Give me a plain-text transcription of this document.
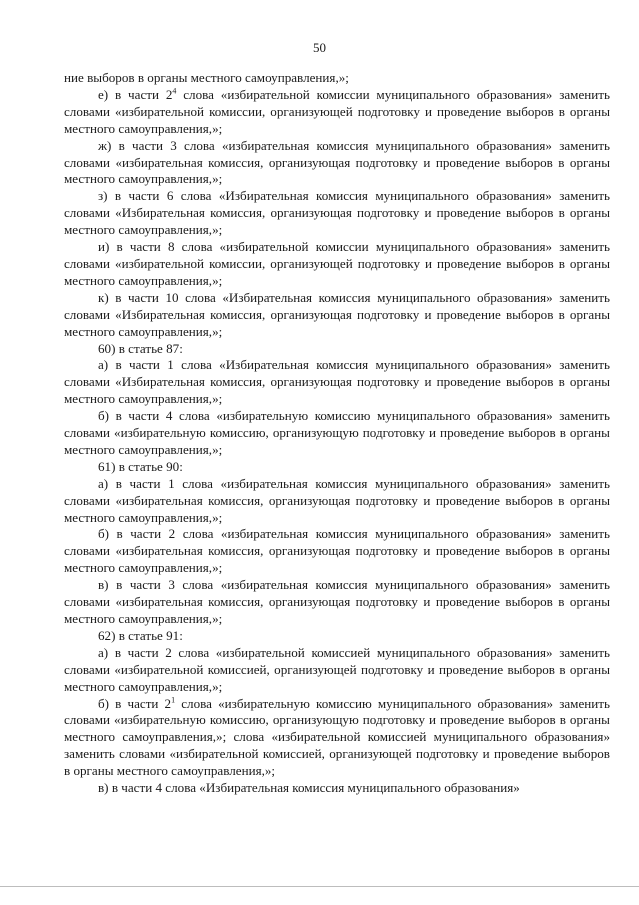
50

ние выборов в органы местного самоуправления,»;

е) в части $2^4$ слова «избирательной комиссии муниципального образования» заменить словами «избирательной комиссии, организующей подготовку и проведение выборов в органы местного самоуправления,»;

ж) в части 3 слова «избирательная комиссия муниципального образования» заменить словами «избирательная комиссия, организующая подготовку и проведение выборов в органы местного самоуправления,»;

з) в части 6 слова «Избирательная комиссия муниципального образования» заменить словами «Избирательная комиссия, организующая подготовку и проведение выборов в органы местного самоуправления,»;

и) в части 8 слова «избирательной комиссии муниципального образования» заменить словами «избирательной комиссии, организующей подготовку и проведение выборов в органы местного самоуправления,»;

к) в части 10 слова «Избирательная комиссия муниципального образования» заменить словами «Избирательная комиссия, организующая подготовку и проведение выборов в органы местного самоуправления,»;

60) в статье 87:

а) в части 1 слова «Избирательная комиссия муниципального образования» заменить словами «Избирательная комиссия, организующая подготовку и проведение выборов в органы местного самоуправления,»;

б) в части 4 слова «избирательную комиссию муниципального образования» заменить словами «избирательную комиссию, организующую подготовку и проведение выборов в органы местного самоуправления,»;

61) в статье 90:

а) в части 1 слова «избирательная комиссия муниципального образования» заменить словами «избирательная комиссия, организующая подготовку и проведение выборов в органы местного самоуправления,»;

б) в части 2 слова «избирательная комиссия муниципального образования» заменить словами «избирательная комиссия, организующая подготовку и проведение выборов в органы местного самоуправления,»;

в) в части 3 слова «избирательная комиссия муниципального образования» заменить словами «избирательная комиссия, организующая подготовку и проведение выборов в органы местного самоуправления,»;

62) в статье 91:

а) в части 2 слова «избирательной комиссией муниципального образования» заменить словами «избирательной комиссией, организующей подготовку и проведение выборов в органы местного самоуправления,»;

б) в части $2^1$ слова «избирательную комиссию муниципального образования» заменить словами «избирательную комиссию, организующую подготовку и проведение выборов в органы местного самоуправления,»; слова «избирательной комиссией муниципального образования» заменить словами «избирательной комиссией, организующей подготовку и проведение выборов в органы местного самоуправления,»;

в) в части 4 слова «Избирательная комиссия муниципального образования»
